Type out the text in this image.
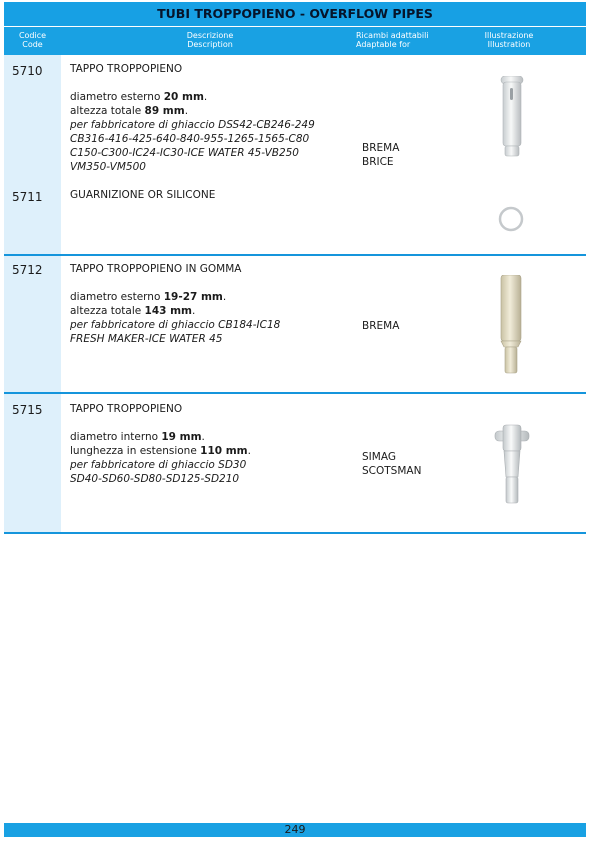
TUBI TROPPOPIENO - OVERFLOW PIPES
Codice
Code
Descrizione
Description
Ricambi adattabili
Adaptable for
Illustrazione
Illustration
5710	TAPPO TROPPOPIENO
diametro esterno 20 mm.
altezza totale 89 mm.
per fabbricatore di ghiaccio DSS42-CB246-249
CB316-416-425-640-840-955-1265-1565-C80
C150-C300-IC24-IC30-ICE WATER 45-VB250
VM350-VM500
BREMA
BRICE
5711	GUARNIZIONE OR SILICONE
5712	TAPPO TROPPOPIENO IN GOMMA
diametro esterno 19-27 mm.
altezza totale 143 mm.
per fabbricatore di ghiaccio CB184-IC18
FRESH MAKER-ICE WATER 45
BREMA
5715	TAPPO TROPPOPIENO
diametro interno 19 mm.
lunghezza in estensione 110 mm.
per fabbricatore di ghiaccio SD30
SD40-SD60-SD80-SD125-SD210
SIMAG
SCOTSMAN
249
